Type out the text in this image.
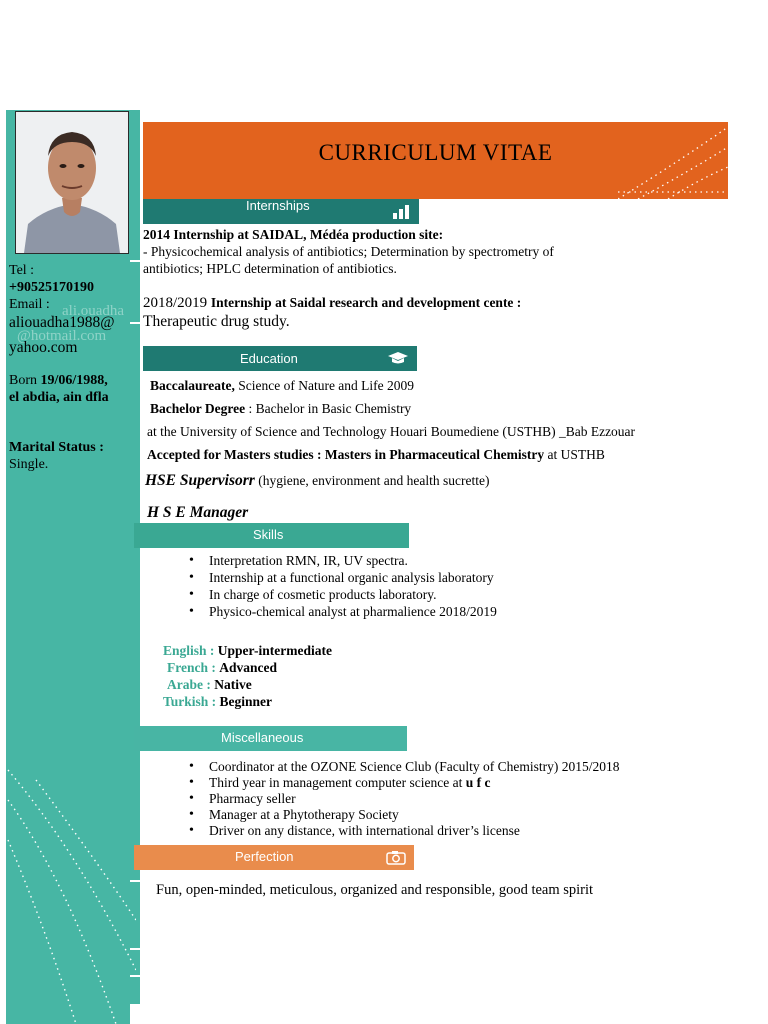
Tel :
+90525170190
Email : ali.ouadha
aliouadha1988@
@hotmail.com
yahoo.com
Born 19/06/1988,
el abdia, ain dfla
Marital Status :
Single.
CURRICULUM VITAE
Internships
2014 Internship at SAIDAL, Médéa production site:
- Physicochemical analysis of antibiotics; Determination by spectrometry of
antibiotics; HPLC determination of antibiotics.
2018/2019 Internship at Saidal research and development cente :
Therapeutic drug study.
Education
Baccalaureate, Science of Nature and Life 2009
Bachelor Degree : Bachelor in Basic Chemistry
at the University of Science and Technology Houari Boumediene (USTHB) _Bab Ezzouar
Accepted for Masters studies : Masters in Pharmaceutical Chemistry at USTHB
HSE Supervisorr (hygiene, environment and health sucrette)
H S E Manager
Skills
• Interpretation RMN, IR, UV spectra.
• Internship at a functional organic analysis laboratory
• In charge of cosmetic products laboratory.
• Physico-chemical analyst at pharmalience 2018/2019
English : Upper-intermediate
French : Advanced
Arabe : Native
Turkish : Beginner
Miscellaneous
• Coordinator at the OZONE Science Club (Faculty of Chemistry) 2015/2018
• Third year in management computer science at u f c
• Pharmacy seller
• Manager at a Phytotherapy Society
• Driver on any distance, with international driver’s license
Perfection
Fun, open-minded, meticulous, organized and responsible, good team spirit
